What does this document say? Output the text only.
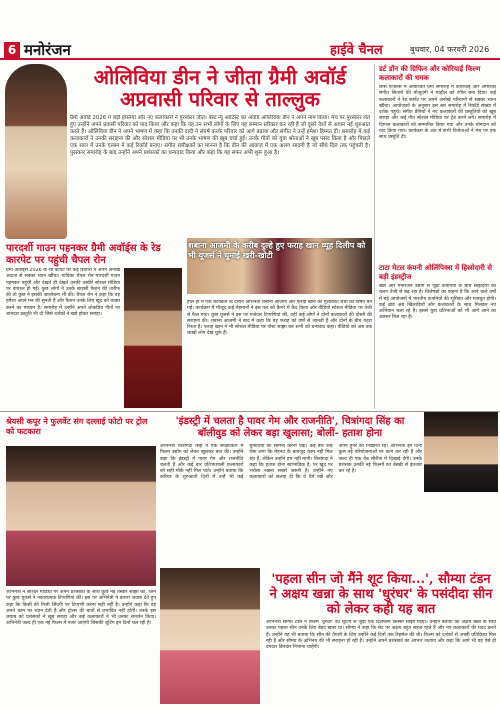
6 मनोरंजन	हाईवे चैनल	बुधवार, 04 फरवरी 2026
ओलिविया डीन ने जीता ग्रैमी अवॉर्ड अप्रवासी परिवार से ताल्लुक
ग्रैमी अवॉर्ड 2026 में बड़ी हस्तियों और नए कलाकारों ने पुरस्कार जीते। बेस्ट न्यू आर्टिस्ट का अवॉर्ड ओलिविया डीन ने अपने नाम किया। मंच पर पुरस्कार लेते हुए उन्होंने अपने प्रवासी परिवार को याद किया और कहा कि वह उन सभी लोगों के लिए यह सम्मान स्वीकार कर रही हैं जो दूसरे देशों से आकर नई शुरुआत करते हैं। ओलिविया डीन ने अपने भाषण में कहा कि उनकी दादी ने संघर्ष करके परिवार को आगे बढ़ाया और संगीत ने उन्हें हमेशा हिम्मत दी। समारोह में कई कलाकारों ने उनकी सराहना की और सोशल मीडिया पर भी उनके भाषण की खूब चर्चा हुई। उनके गीतों को युवा श्रोताओं ने खूब पसंद किया है और पिछले एक साल में उनके एल्बम ने कई रिकॉर्ड बनाए। संगीत समीक्षकों का मानना है कि डीन की आवाज़ में एक अलग सादगी है जो सीधे दिल तक पहुंचती है। पुरस्कार समारोह के बाद उन्होंने अपने प्रशंसकों का धन्यवाद किया और कहा कि यह सफर अभी शुरू हुआ है।
डर्ट डॉन की ग्रिफिन और कोरियाई फिल्म कलाकारों की धमक
लॉस एंजिल्स में आयोजित ग्रैमी समारोह में कोरियाई और अमेरिकी संगीत सितारों की मौजूदगी ने माहौल को रंगीन बना दिया। कई कलाकारों ने रेड कार्पेट पर अपने अनोखे परिधानों से सबका ध्यान खींचा। आयोजकों के अनुसार इस बार समारोह में रिकॉर्ड संख्या में दर्शक पहुंचे। संगीत प्रेमियों ने नए कलाकारों की प्रस्तुतियों को खूब सराहा और कई गीत सोशल मीडिया पर ट्रेंड करने लगे। समारोह में दिग्गज कलाकारों को सम्मानित किया गया और उनके योगदान को याद किया गया। कार्यक्रम के अंत में सभी विजेताओं ने मंच पर एक साथ प्रस्तुति दी।
टाटा मेटल कंपनी ओलिंपिक्स में हिस्सेदारी से बड़ी इंडस्ट्रीज
खेल और मनोरंजन उद्योग से जुड़ी कंपनियों के बीच साझेदारी का चलन तेजी से बढ़ रहा है। विशेषज्ञों का कहना है कि आने वाले वर्षों में बड़े आयोजनों में भारतीय कंपनियों की भूमिका और मजबूत होगी। कई ब्रांड अब खिलाड़ियों और कलाकारों के साथ मिलकर नए अभियान चला रहे हैं। इससे युवा प्रतिभाओं को भी आगे आने का अवसर मिल रहा है।
पारदर्शी गाउन पहनकर ग्रैमी अवॉर्ड्स के रेड कारपेट पर पहुंची चैपल रोन
ग्रैमी अवॉर्ड्स 2026 के रेड कार्पेट पर कई सितारों ने अपने अनोखे अंदाज से सबका ध्यान खींचा। गायिका चैपल रोन पारदर्शी गाउन पहनकर पहुंचीं और देखते ही देखते उनकी तस्वीरें सोशल मीडिया पर वायरल हो गईं। कुछ लोगों ने उनके साहसी फैशन की तारीफ की तो कुछ ने इसकी आलोचना भी की। चैपल रोन ने कहा कि वह हमेशा अपने मन की सुनती हैं और फैशन उनके लिए खुद को व्यक्त करने का माध्यम है। समारोह में उन्होंने अपने लोकप्रिय गीतों पर शानदार प्रस्तुति भी दी जिसे दर्शकों ने खड़े होकर सराहा।
शबाना आजमी के करीब दुल्हे हुए फराह खान व्यूह दिलीप को भी यूजर्स ने घुमाई खरी-खोटी
हाल ही में एक कार्यक्रम के दौरान अभिनेत्री शबाना आजमी और फराह खान की मुलाकात चर्चा का विषय बन गई। कार्यक्रम में मौजूद कई मेहमानों ने इस पल को कैमरे में कैद किया और वीडियो सोशल मीडिया पर तेजी से फैल गया। कुछ यूजर्स ने इस पर मजेदार टिप्पणियां कीं, वहीं कई लोगों ने दोनों कलाकारों की दोस्ती की सराहना की। शबाना आजमी ने बाद में कहा कि वह फराह को वर्षों से जानती हैं और दोनों के बीच गहरा रिश्ता है। फराह खान ने भी सोशल मीडिया पर पोस्ट साझा कर सभी को धन्यवाद कहा। वीडियो को अब तक लाखों लोग देख चुके हैं।
श्रेयसी कपूर ने फुलवेंट संग दल्लाई फोटो पर ट्रोल को फटकारा
अभिनेत्री ने सोशल मीडिया पर अपने प्रशंसकों के साथ कुछ नई तस्वीरें साझा कीं, जिन पर कुछ यूजर्स ने नकारात्मक टिप्पणियां कीं। इस पर अभिनेत्री ने करारा जवाब देते हुए कहा कि किसी की निजी जिंदगी पर टिप्पणी करना सही नहीं है। उन्होंने कहा कि वह अपने काम पर ध्यान देती हैं और ट्रोल्स की बातों से प्रभावित नहीं होतीं। उनके इस जवाब को प्रशंसकों ने खूब सराहा और कई कलाकारों ने भी उनका समर्थन किया। अभिनेत्री जल्द ही एक नई फिल्म में नजर आएंगी जिसकी शूटिंग इन दिनों चल रही है।
'इंडस्ट्री में चलता है पावर गेम और राजनीति', चित्रांगदा सिंह का बॉलीवुड को लेकर बड़ा खुलासा; बोलीं- हताश होना
अभिनेत्री चित्रांगदा सिंह ने एक साक्षात्कार में फिल्म उद्योग को लेकर खुलकर बात की। उन्होंने कहा कि इंडस्ट्री में पावर गेम और राजनीति चलती है और कई बार प्रतिभाशाली कलाकारों को सही मौके नहीं मिल पाते। उन्होंने बताया कि करियर के शुरुआती दिनों में उन्हें भी कई चुनौतियों का सामना करना पड़ा। कई बार उन्हें ऐसा लगा कि मेहनत के बावजूद काम नहीं मिल रहा है, लेकिन उन्होंने हार नहीं मानी। चित्रांगदा ने कहा कि हताश होना स्वाभाविक है, पर खुद पर भरोसा रखना सबसे जरूरी है। उन्होंने नए कलाकारों को सलाह दी कि वे धैर्य रखें और अपने हुनर को निखारते रहें। अभिनेत्री इन दिनों कुछ नई परियोजनाओं पर काम कर रही हैं और जल्द ही एक वेब सीरीज में दिखाई देंगी। उनके प्रशंसक उनकी नई फिल्मों का बेसब्री से इंतजार कर रहे हैं।
'पहला सीन जो मैंने शूट किया...', सौम्या टंडन ने अक्षय खन्ना के साथ 'धुरंधर' के पसंदीदा सीन को लेकर कही यह बात
अभिनेत्री सौम्या टंडन ने फिल्म 'धुरंधर' की शूटिंग से जुड़ा एक दिलचस्प किस्सा साझा किया। उन्होंने बताया कि अक्षय खन्ना के साथ उनका पहला सीन उनके लिए बेहद खास था। सौम्या ने कहा कि सेट पर अक्षय बहुत सहज रहते हैं और नए कलाकारों की मदद करते हैं। उन्होंने यह भी बताया कि सीन की तैयारी के लिए उन्होंने कई दिनों तक रिहर्सल की थी। फिल्म को दर्शकों से अच्छी प्रतिक्रिया मिल रही है और सौम्या के अभिनय की भी सराहना हो रही है। उन्होंने अपने प्रशंसकों का आभार जताया और कहा कि आगे भी वह ऐसे ही दमदार किरदार निभाना चाहेंगी।
